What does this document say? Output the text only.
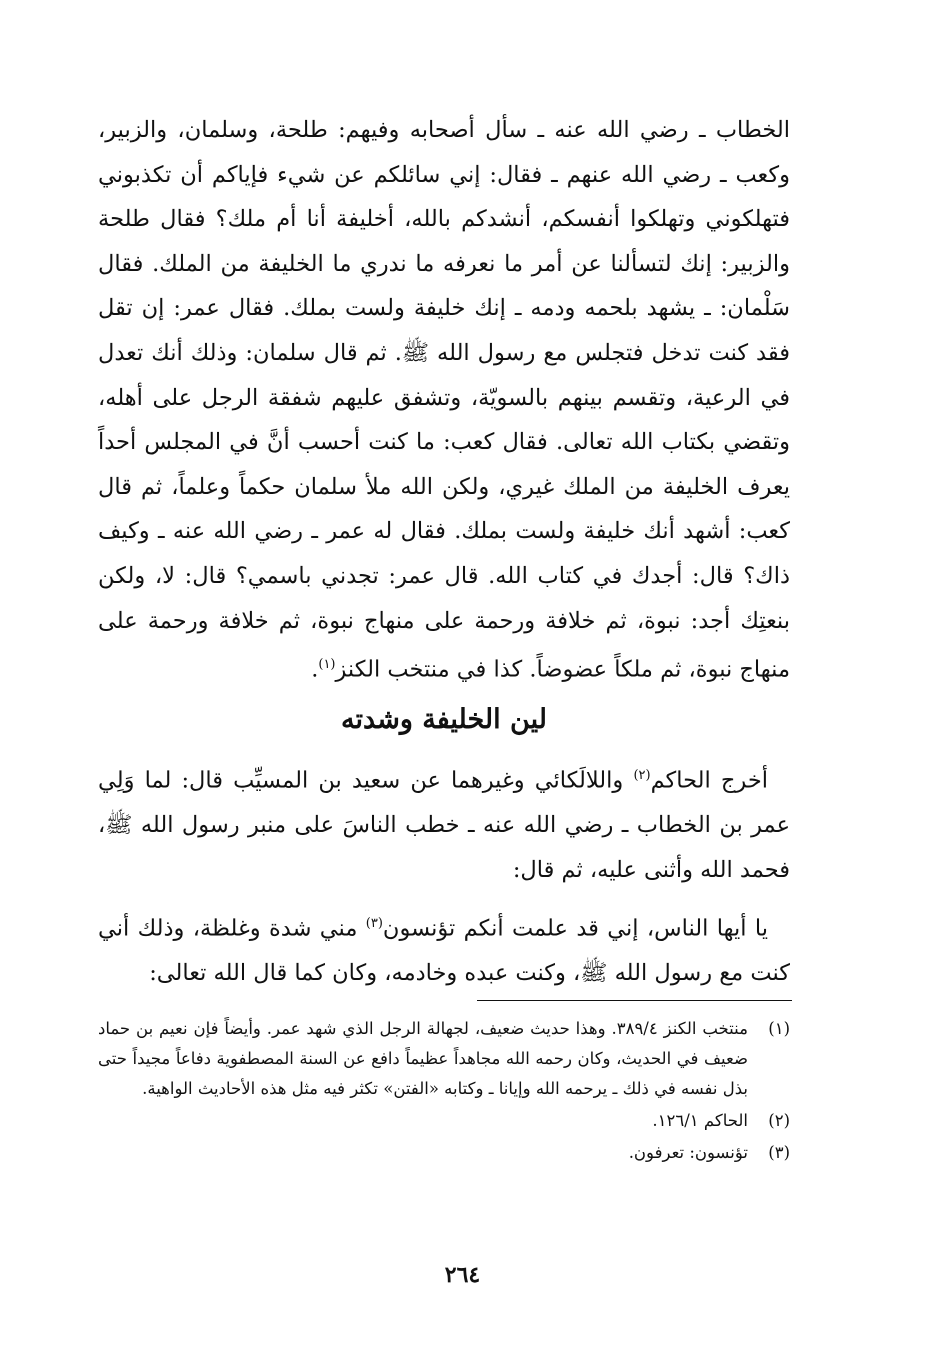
الخطاب ـ رضي الله عنه ـ سأل أصحابه وفيهم: طلحة، وسلمان، والزبير، وكعب ـ رضي الله عنهم ـ فقال: إني سائلكم عن شيء فإياكم أن تكذبوني فتهلكوني وتهلكوا أنفسكم، أنشدكم بالله، أخليفة أنا أم ملك؟ فقال طلحة والزبير: إنك لتسألنا عن أمر ما نعرفه ما ندري ما الخليفة من الملك. فقال سَلْمان: ـ يشهد بلحمه ودمه ـ إنك خليفة ولست بملك. فقال عمر: إن تقل فقد كنت تدخل فتجلس مع رسول الله ﷺ. ثم قال سلمان: وذلك أنك تعدل في الرعية، وتقسم بينهم بالسويّة، وتشفق عليهم شفقة الرجل على أهله، وتقضي بكتاب الله تعالى. فقال كعب: ما كنت أحسب أنَّ في المجلس أحداً يعرف الخليفة من الملك غيري، ولكن الله ملأ سلمان حكماً وعلماً، ثم قال كعب: أشهد أنك خليفة ولست بملك. فقال له عمر ـ رضي الله عنه ـ وكيف ذاك؟ قال: أجدك في كتاب الله. قال عمر: تجدني باسمي؟ قال: لا، ولكن بنعتِك أجد: نبوة، ثم خلافة ورحمة على منهاج نبوة، ثم خلافة ورحمة على منهاج نبوة، ثم ملكاً عضوضاً. كذا في منتخب الكنز$^{(١)}$.

لين الخليفة وشدته

أخرج الحاكم$^{(٢)}$ واللالَكائي وغيرهما عن سعيد بن المسيِّب قال: لما وَلِي عمر بن الخطاب ـ رضي الله عنه ـ خطب الناسَ على منبر رسول الله ﷺ، فحمد الله وأثنى عليه، ثم قال:

يا أيها الناس، إني قد علمت أنكم تؤنسون$^{(٣)}$ مني شدة وغلظة، وذلك أني كنت مع رسول الله ﷺ، وكنت عبده وخادمه، وكان كما قال الله تعالى:

(١)
منتخب الكنز ٣٨٩/٤. وهذا حديث ضعيف، لجهالة الرجل الذي شهد عمر. وأيضاً فإن نعيم بن حماد ضعيف في الحديث، وكان رحمه الله مجاهداً عظيماً دافع عن السنة المصطفوية دفاعاً مجيداً حتى بذل نفسه في ذلك ـ يرحمه الله وإيانا ـ وكتابه «الفتن» تكثر فيه مثل هذه الأحاديث الواهية.
(٢)
الحاكم ١٢٦/١.
(٣)
تؤنسون: تعرفون.
٢٦٤
